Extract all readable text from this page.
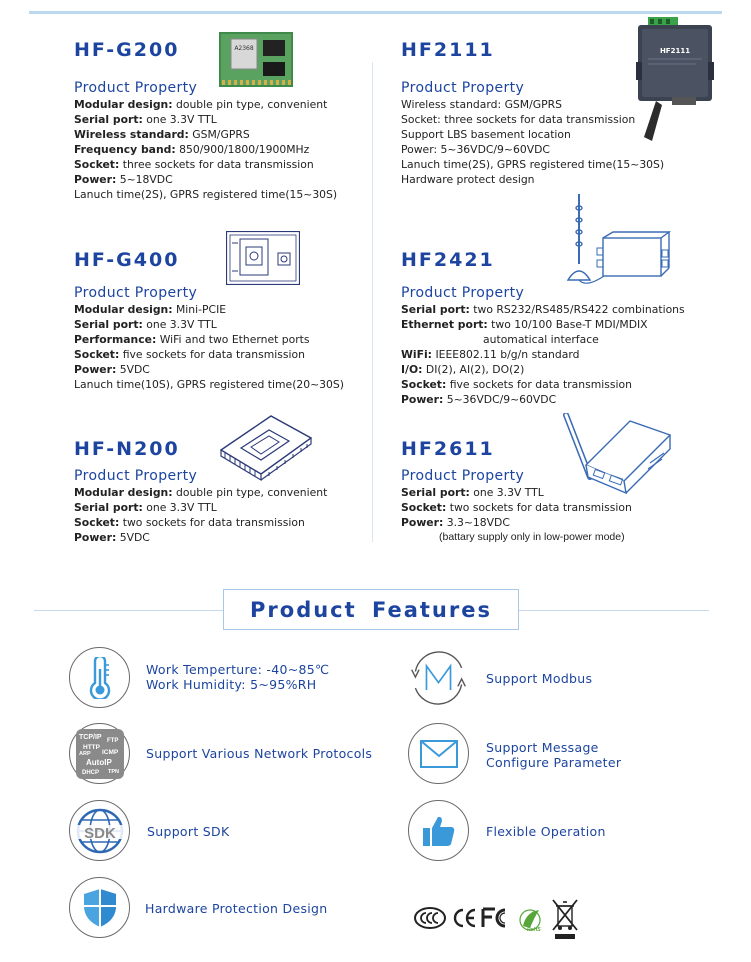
HF-G200	A2368
Product Property
Modular design: double pin type, convenient
Serial port: one 3.3V TTL
Wireless standard: GSM/GPRS
Frequency band: 850/900/1800/1900MHz
Socket: three sockets for data transmission
Power: 5~18VDC
Lanuch time(2S), GPRS registered time(15~30S)
HF2111	HF2111
Product Property
Wireless standard: GSM/GPRS
Socket: three sockets for data transmission
Support LBS basement location
Power: 5~36VDC/9~60VDC
Lanuch time(2S), GPRS registered time(15~30S)
Hardware protect design
HF-G400
Product Property
Modular design: Mini-PCIE
Serial port: one 3.3V TTL
Performance: WiFi and two Ethernet ports
Socket: five sockets for data transmission
Power: 5VDC
Lanuch time(10S), GPRS registered time(20~30S)
HF2421
Product Property
Serial port: two RS232/RS485/RS422 combinations
Ethernet port: two 10/100 Base-T MDI/MDIX
automatical interface
WiFi: IEEE802.11 b/g/n standard
I/O: DI(2), AI(2), DO(2)
Socket: five sockets for data transmission
Power: 5~36VDC/9~60VDC
HF-N200
Product Property
Modular design: double pin type, convenient
Serial port: one 3.3V TTL
Socket: two sockets for data transmission
Power: 5VDC
HF2611
Product Property
Serial port: one 3.3V TTL
Socket: two sockets for data transmission
Power: 3.3~18VDC
(battary supply only in low-power mode)
Product Features
Work Temperture: -40~85℃
Work Humidity: 5~95%RH	Support Modbus
TCP/IP FTP
HTTP
ARP ICMP
AutoIP
DHCP TPN
Support Various Network Protocols	Support Message
Configure Parameter
SDK	Support SDK	Flexible Operation
Hardware Protection Design
RoHS
